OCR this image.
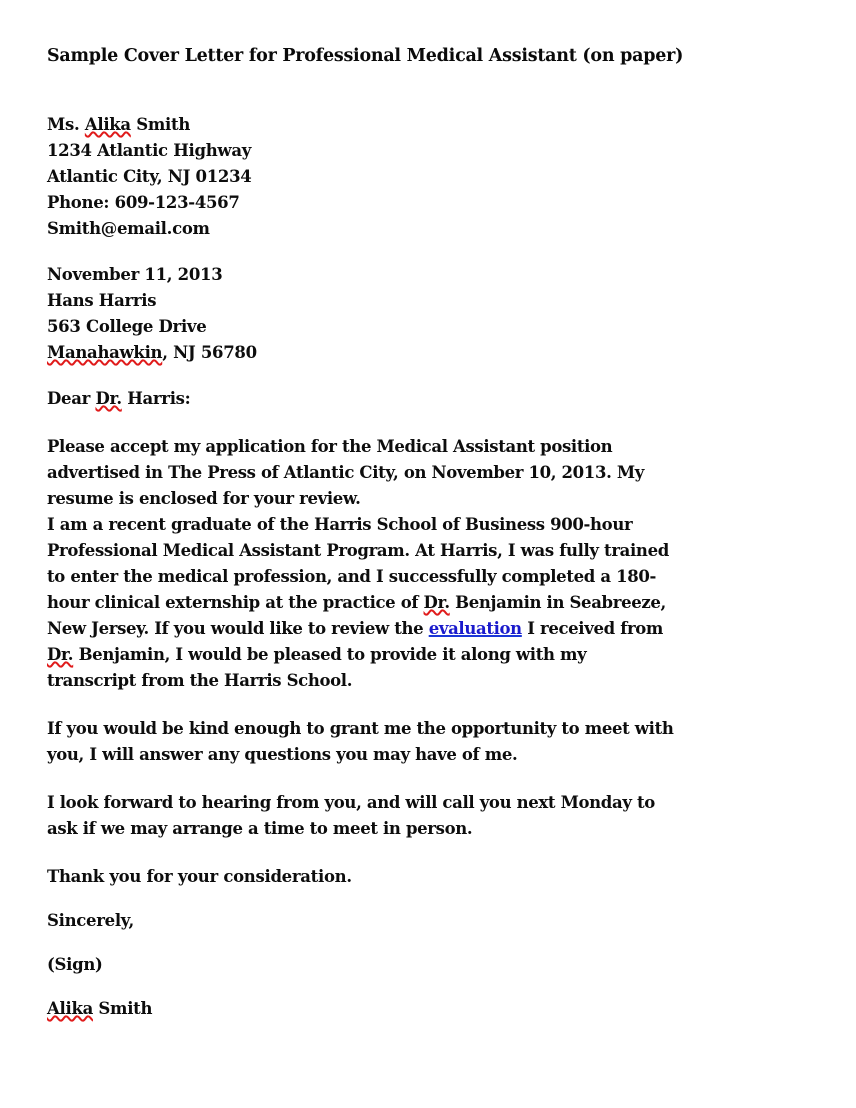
Sample Cover Letter for Professional Medical Assistant (on paper)
Ms. Alika Smith
1234 Atlantic Highway
Atlantic City, NJ 01234
Phone: 609-123-4567
Smith@email.com
November 11, 2013
Hans Harris
563 College Drive
Manahawkin, NJ 56780
Dear Dr. Harris:
Please accept my application for the Medical Assistant position
advertised in The Press of Atlantic City, on November 10, 2013. My
resume is enclosed for your review.
I am a recent graduate of the Harris School of Business 900-hour
Professional Medical Assistant Program. At Harris, I was fully trained
to enter the medical profession, and I successfully completed a 180-
hour clinical externship at the practice of Dr. Benjamin in Seabreeze,
New Jersey. If you would like to review the evaluation I received from
Dr. Benjamin, I would be pleased to provide it along with my
transcript from the Harris School.
If you would be kind enough to grant me the opportunity to meet with
you, I will answer any questions you may have of me.
I look forward to hearing from you, and will call you next Monday to
ask if we may arrange a time to meet in person.
Thank you for your consideration.
Sincerely,
(Sign)
Alika Smith
